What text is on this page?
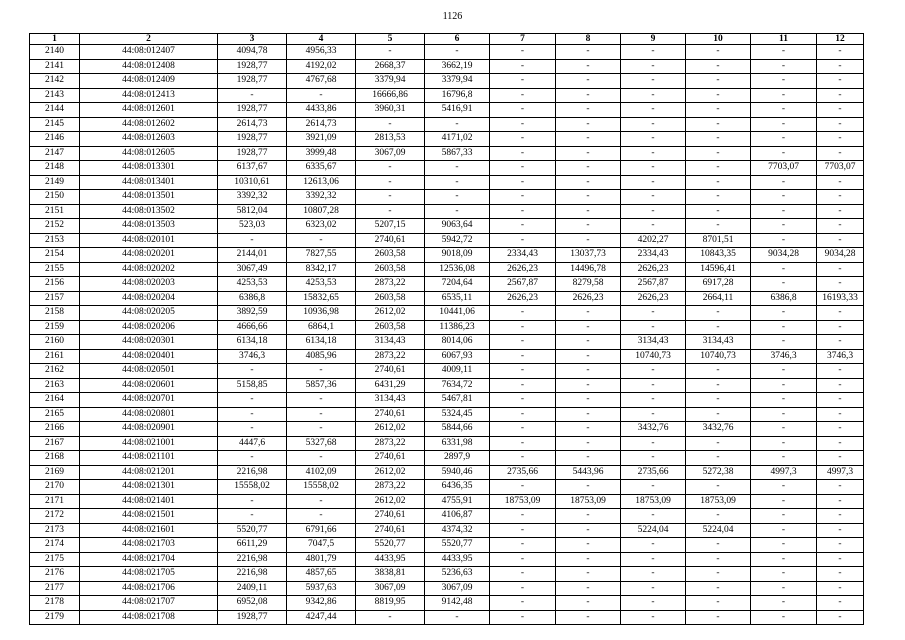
1126
1	2	3	4	5	6	7	8	9	10	11	12
2140	44:08:012407	4094,78	4956,33	-	-	-	-	-	-	-	-
2141	44:08:012408	1928,77	4192,02	2668,37	3662,19	-	-	-	-	-	-
2142	44:08:012409	1928,77	4767,68	3379,94	3379,94	-	-	-	-	-	-
2143	44:08:012413	-	-	16666,86	16796,8	-	-	-	-	-	-
2144	44:08:012601	1928,77	4433,86	3960,31	5416,91	-	-	-	-	-	-
2145	44:08:012602	2614,73	2614,73	-	-	-	-	-	-	-	-
2146	44:08:012603	1928,77	3921,09	2813,53	4171,02	-	-	-	-	-	-
2147	44:08:012605	1928,77	3999,48	3067,09	5867,33	-	-	-	-	-	-
2148	44:08:013301	6137,67	6335,67	-	-	-	-	-	-	7703,07	7703,07
2149	44:08:013401	10310,61	12613,06	-	-	-	-	-	-	-	-
2150	44:08:013501	3392,32	3392,32	-	-	-	-	-	-	-	-
2151	44:08:013502	5812,04	10807,28	-	-	-	-	-	-	-	-
2152	44:08:013503	523,03	6323,02	5207,15	9063,64	-	-	-	-	-	-
2153	44:08:020101	-	-	2740,61	5942,72	-	-	4202,27	8701,51	-	-
2154	44:08:020201	2144,01	7827,55	2603,58	9018,09	2334,43	13037,73	2334,43	10843,35	9034,28	9034,28
2155	44:08:020202	3067,49	8342,17	2603,58	12536,08	2626,23	14496,78	2626,23	14596,41	-	-
2156	44:08:020203	4253,53	4253,53	2873,22	7204,64	2567,87	8279,58	2567,87	6917,28	-	-
2157	44:08:020204	6386,8	15832,65	2603,58	6535,11	2626,23	2626,23	2626,23	2664,11	6386,8	16193,33
2158	44:08:020205	3892,59	10936,98	2612,02	10441,06	-	-	-	-	-	-
2159	44:08:020206	4666,66	6864,1	2603,58	11386,23	-	-	-	-	-	-
2160	44:08:020301	6134,18	6134,18	3134,43	8014,06	-	-	3134,43	3134,43	-	-
2161	44:08:020401	3746,3	4085,96	2873,22	6067,93	-	-	10740,73	10740,73	3746,3	3746,3
2162	44:08:020501	-	-	2740,61	4009,11	-	-	-	-	-	-
2163	44:08:020601	5158,85	5857,36	6431,29	7634,72	-	-	-	-	-	-
2164	44:08:020701	-	-	3134,43	5467,81	-	-	-	-	-	-
2165	44:08:020801	-	-	2740,61	5324,45	-	-	-	-	-	-
2166	44:08:020901	-	-	2612,02	5844,66	-	-	3432,76	3432,76	-	-
2167	44:08:021001	4447,6	5327,68	2873,22	6331,98	-	-	-	-	-	-
2168	44:08:021101	-	-	2740,61	2897,9	-	-	-	-	-	-
2169	44:08:021201	2216,98	4102,09	2612,02	5940,46	2735,66	5443,96	2735,66	5272,38	4997,3	4997,3
2170	44:08:021301	15558,02	15558,02	2873,22	6436,35	-	-	-	-	-	-
2171	44:08:021401	-	-	2612,02	4755,91	18753,09	18753,09	18753,09	18753,09	-	-
2172	44:08:021501	-	-	2740,61	4106,87	-	-	-	-	-	-
2173	44:08:021601	5520,77	6791,66	2740,61	4374,32	-	-	5224,04	5224,04	-	-
2174	44:08:021703	6611,29	7047,5	5520,77	5520,77	-	-	-	-	-	-
2175	44:08:021704	2216,98	4801,79	4433,95	4433,95	-	-	-	-	-	-
2176	44:08:021705	2216,98	4857,65	3838,81	5236,63	-	-	-	-	-	-
2177	44:08:021706	2409,11	5937,63	3067,09	3067,09	-	-	-	-	-	-
2178	44:08:021707	6952,08	9342,86	8819,95	9142,48	-	-	-	-	-	-
2179	44:08:021708	1928,77	4247,44	-	-	-	-	-	-	-	-
